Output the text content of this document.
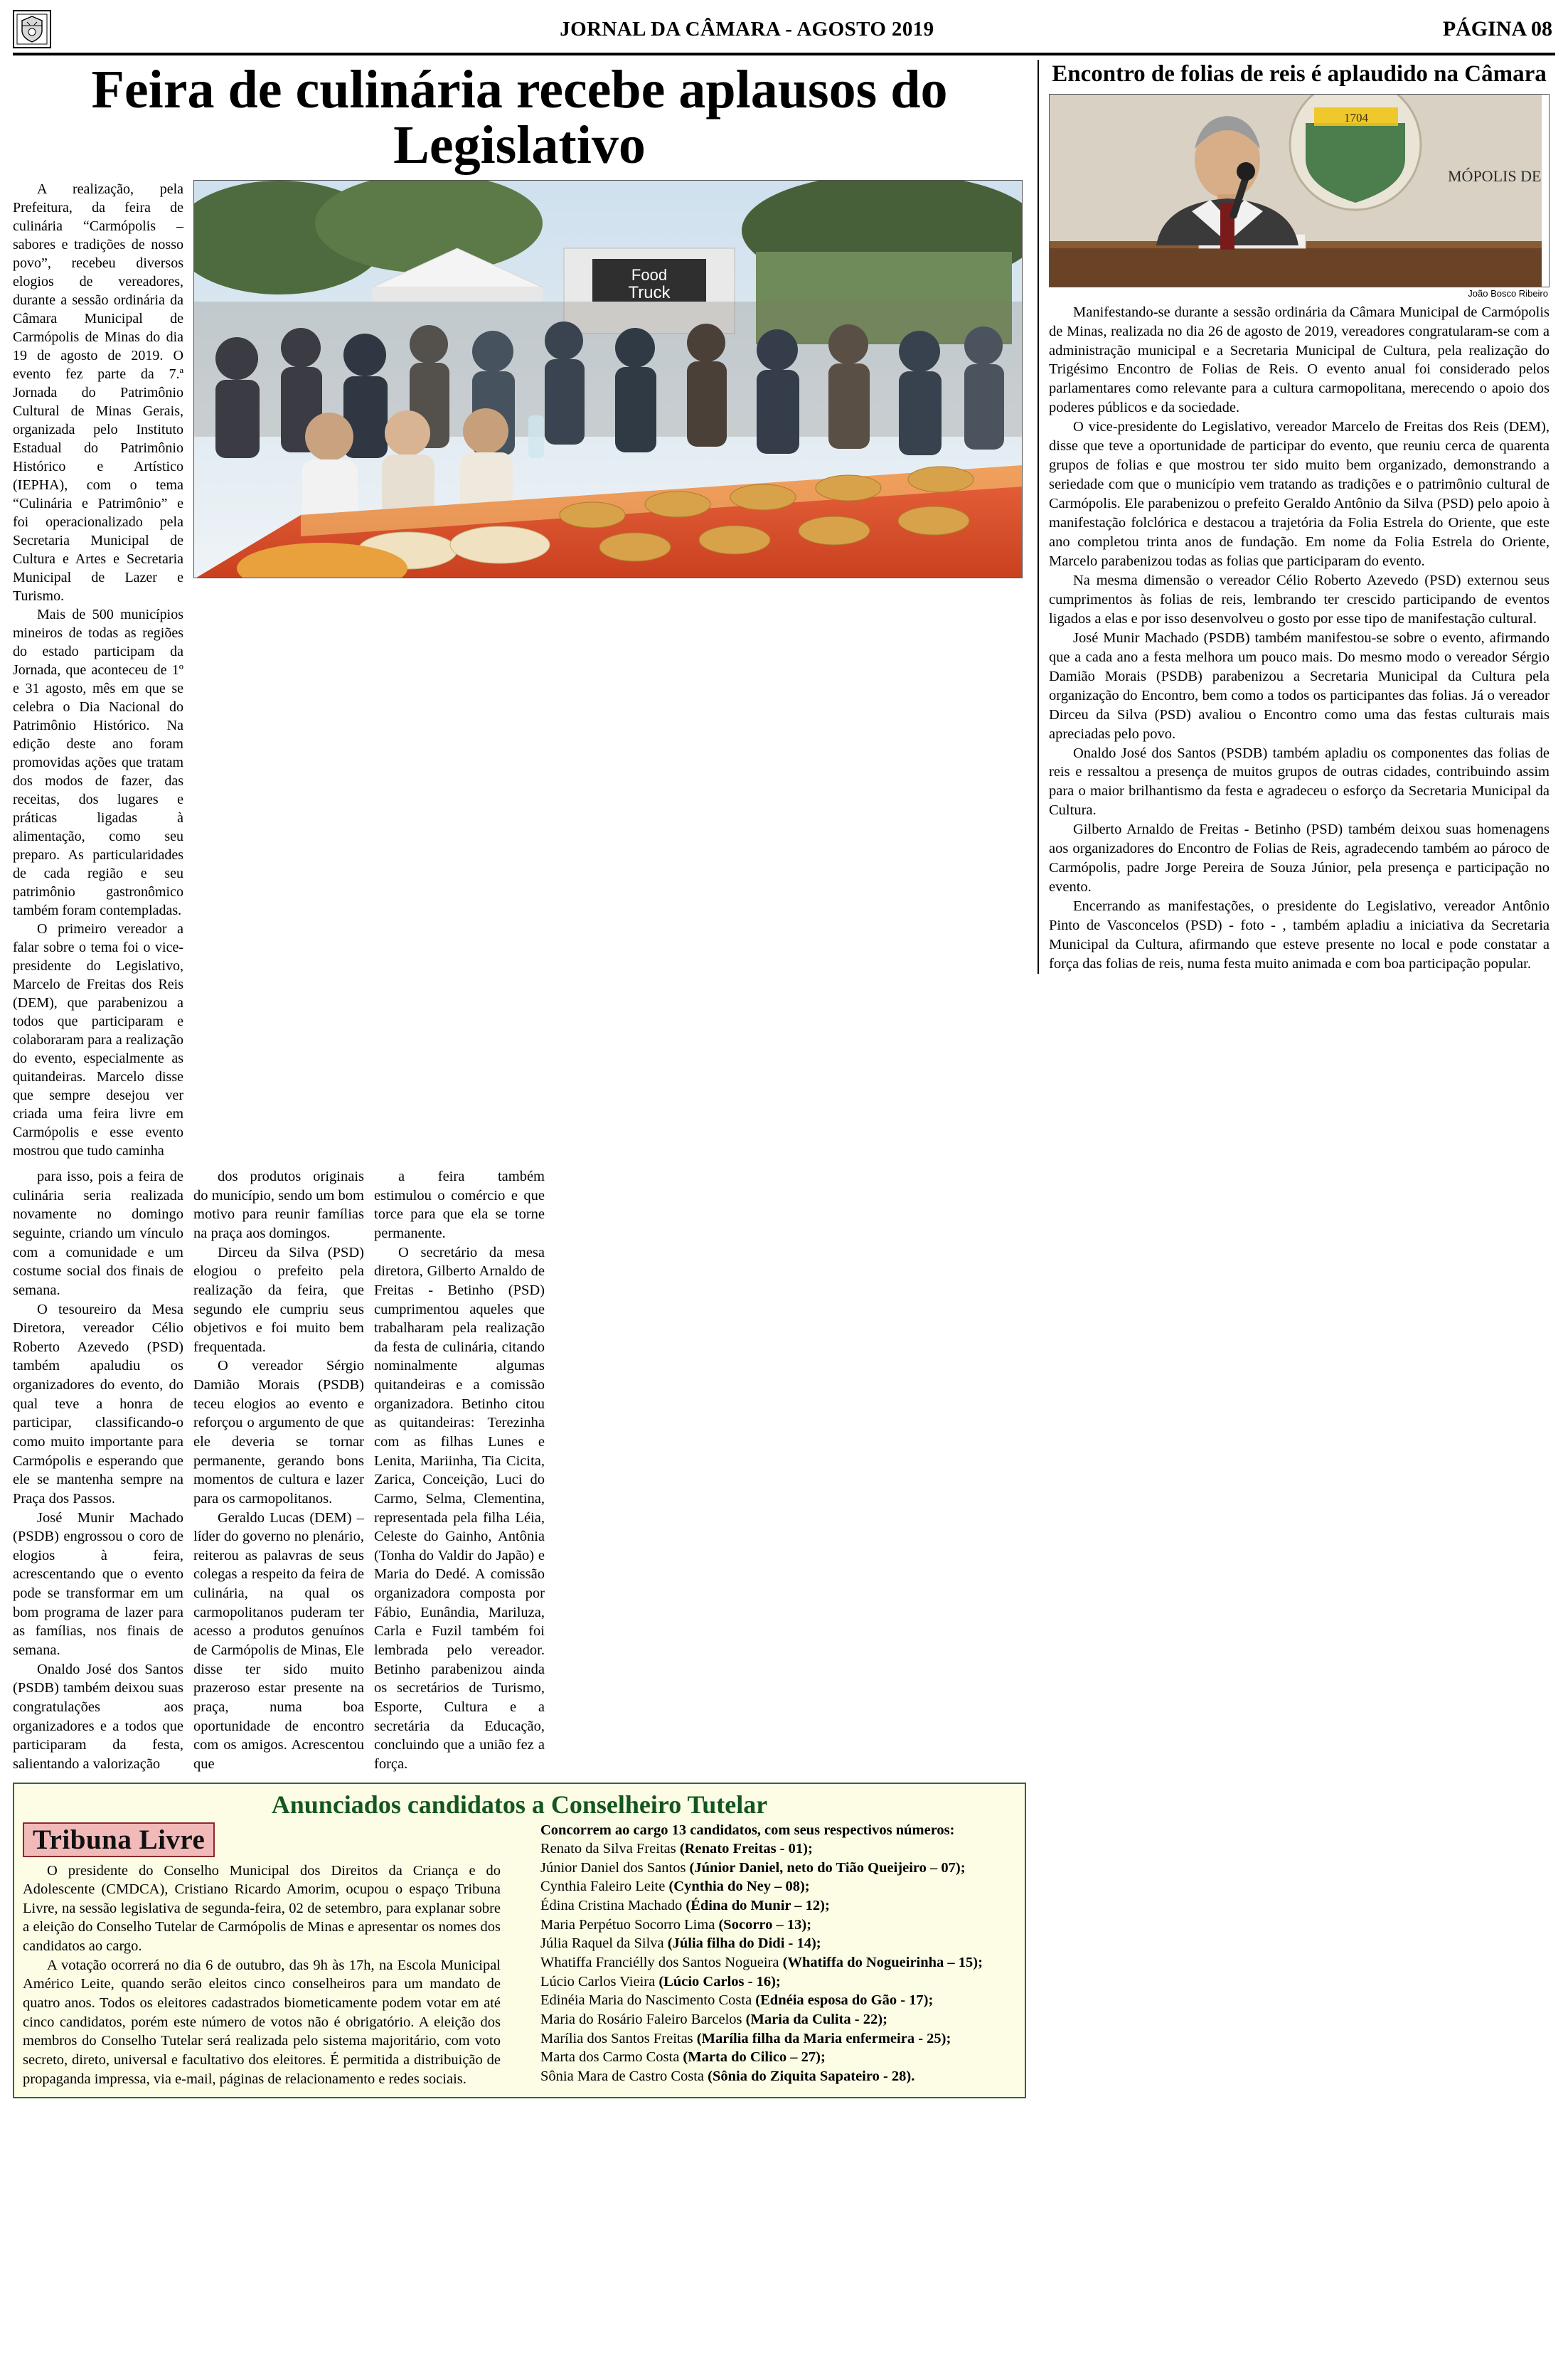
JORNAL DA CÂMARA - AGOSTO 2019	PÁGINA 08
Feira de culinária recebe aplausos do Legislativo

A realização, pela Prefeitura, da feira de culinária “Carmópolis – sabores e tradições de nosso povo”, recebeu diversos elogios de vereadores, durante a sessão ordinária da Câmara Municipal de Carmópolis de Minas do dia 19 de agosto de 2019. O evento fez parte da 7.ª Jornada do Patrimônio Cultural de Minas Gerais, organizada pelo Instituto Estadual do Patrimônio Histórico e Artístico (IEPHA), com o tema “Culinária e Patrimônio” e foi operacionalizado pela Secretaria Municipal de Cultura e Artes e Secretaria Municipal de Lazer e Turismo.

Mais de 500 municípios mineiros de todas as regiões do estado participam da Jornada, que aconteceu de 1º e 31 agosto, mês em que se celebra o Dia Nacional do Patrimônio Histórico. Na edição deste ano foram promovidas ações que tratam dos modos de fazer, das receitas, dos lugares e práticas ligadas à alimentação, como seu preparo. As particularidades de cada região e seu patrimônio gastronômico também foram contempladas.

O primeiro vereador a falar sobre o tema foi o vice-presidente do Legislativo, Marcelo de Freitas dos Reis (DEM), que parabenizou a todos que participaram e colaboraram para a realização do evento, especialmente as quitandeiras. Marcelo disse que sempre desejou ver criada uma feira livre em Carmópolis e esse evento mostrou que tudo caminha

Food
Truck

para isso, pois a feira de culinária seria realizada novamente no domingo seguinte, criando um vínculo com a comunidade e um costume social dos finais de semana.

O tesoureiro da Mesa Diretora, vereador Célio Roberto Azevedo (PSD) também apaludiu os organizadores do evento, do qual teve a honra de participar, classificando-o como muito importante para Carmópolis e esperando que ele se mantenha sempre na Praça dos Passos.

José Munir Machado (PSDB) engrossou o coro de elogios à feira, acrescentando que o evento pode se transformar em um bom programa de lazer para as famílias, nos finais de semana.

Onaldo José dos Santos (PSDB) também deixou suas congratulações aos organizadores e a todos que participaram da festa, salientando a valorização

dos produtos originais do município, sendo um bom motivo para reunir famílias na praça aos domingos.

Dirceu da Silva (PSD) elogiou o prefeito pela realização da feira, que segundo ele cumpriu seus objetivos e foi muito bem frequentada.

O vereador Sérgio Damião Morais (PSDB) teceu elogios ao evento e reforçou o argumento de que ele deveria se tornar permanente, gerando bons momentos de cultura e lazer para os carmopolitanos.

Geraldo Lucas (DEM) – líder do governo no plenário, reiterou as palavras de seus colegas a respeito da feira de culinária, na qual os carmopolitanos puderam ter acesso a produtos genuínos de Carmópolis de Minas, Ele disse ter sido muito prazeroso estar presente na praça, numa boa oportunidade de encontro com os amigos. Acrescentou que

a feira também estimulou o comércio e que torce para que ela se torne permanente.

O secretário da mesa diretora, Gilberto Arnaldo de Freitas - Betinho (PSD) cumprimentou aqueles que trabalharam pela realização da festa de culinária, citando nominalmente algumas quitandeiras e a comissão organizadora. Betinho citou as quitandeiras: Terezinha com as filhas Lunes e Lenita, Mariinha, Tia Cicita, Zarica, Conceição, Luci do Carmo, Selma, Clementina, representada pela filha Léia, Celeste do Gainho, Antônia (Tonha do Valdir do Japão) e Maria do Dedé. A comissão organizadora composta por Fábio, Eunândia, Mariluza, Carla e Fuzil também foi lembrada pelo vereador. Betinho parabenizou ainda os secretários de Turismo, Esporte, Cultura e a secretária da Educação, concluindo que a união fez a força.

Anunciados candidatos a Conselheiro Tutelar
Tribuna Livre

O presidente do Conselho Municipal dos Direitos da Criança e do Adolescente (CMDCA), Cristiano Ricardo Amorim, ocupou o espaço Tribuna Livre, na sessão legislativa de segunda-feira, 02 de setembro, para explanar sobre a eleição do Conselho Tutelar de Carmópolis de Minas e apresentar os nomes dos candidatos ao cargo.

A votação ocorrerá no dia 6 de outubro, das 9h às 17h, na Escola Municipal Américo Leite, quando serão eleitos cinco conselheiros para um mandato de quatro anos. Todos os eleitores cadastrados biometicamente podem votar em até cinco candidatos, porém este número de votos não é obrigatório. A eleição dos membros do Conselho Tutelar será realizada pelo sistema majoritário, com voto secreto, direto, universal e facultativo dos eleitores. É permitida a distribuição de propaganda impressa, via e-mail, páginas de relacionamento e redes sociais.

Concorrem ao cargo 13 candidatos, com seus respectivos números:

Renato da Silva Freitas (Renato Freitas - 01);

Júnior Daniel dos Santos (Júnior Daniel, neto do Tião Queijeiro – 07);

Cynthia Faleiro Leite (Cynthia do Ney – 08);

Édina Cristina Machado (Édina do Munir – 12);

Maria Perpétuo Socorro Lima (Socorro – 13);

Júlia Raquel da Silva (Júlia filha do Didi - 14);

Whatiffa Franciélly dos Santos Nogueira (Whatiffa do Nogueirinha – 15);

Lúcio Carlos Vieira (Lúcio Carlos - 16);

Edinéia Maria do Nascimento Costa (Ednéia esposa do Gão - 17);

Maria do Rosário Faleiro Barcelos (Maria da Culita - 22);

Marília dos Santos Freitas (Marília filha da Maria enfermeira - 25);

Marta dos Carmo Costa (Marta do Cilico – 27);

Sônia Mara de Castro Costa (Sônia do Ziquita Sapateiro - 28).

Encontro de folias de reis é aplaudido na Câmara
1704
MÓPOLIS DE
João Bosco Ribeiro

Manifestando-se durante a sessão ordinária da Câmara Municipal de Carmópolis de Minas, realizada no dia 26 de agosto de 2019, vereadores congratularam-se com a administração municipal e a Secretaria Municipal de Cultura, pela realização do Trigésimo Encontro de Folias de Reis. O evento anual foi considerado pelos parlamentares como relevante para a cultura carmopolitana, merecendo o apoio dos poderes públicos e da sociedade.

O vice-presidente do Legislativo, vereador Marcelo de Freitas dos Reis (DEM), disse que teve a oportunidade de participar do evento, que reuniu cerca de quarenta grupos de folias e que mostrou ter sido muito bem organizado, demonstrando a seriedade com que o município vem tratando as tradições e o patrimônio cultural de Carmópolis. Ele parabenizou o prefeito Geraldo Antônio da Silva (PSD) pelo apoio à manifestação folclórica e destacou a trajetória da Folia Estrela do Oriente, que este ano completou trinta anos de fundação. Em nome da Folia Estrela do Oriente, Marcelo parabenizou todas as folias que participaram do evento.

Na mesma dimensão o vereador Célio Roberto Azevedo (PSD) externou seus cumprimentos às folias de reis, lembrando ter crescido participando de eventos ligados a elas e por isso desenvolveu o gosto por esse tipo de manifestação cultural.

José Munir Machado (PSDB) também manifestou-se sobre o evento, afirmando que a cada ano a festa melhora um pouco mais. Do mesmo modo o vereador Sérgio Damião Morais (PSDB) parabenizou a Secretaria Municipal da Cultura pela organização do Encontro, bem como a todos os participantes das folias. Já o vereador Dirceu da Silva (PSD) avaliou o Encontro como uma das festas culturais mais apreciadas pelo povo.

Onaldo José dos Santos (PSDB) também apladiu os componentes das folias de reis e ressaltou a presença de muitos grupos de outras cidades, contribuindo assim para o maior brilhantismo da festa e agradeceu o esforço da Secretaria Municipal da Cultura.

Gilberto Arnaldo de Freitas - Betinho (PSD) também deixou suas homenagens aos organizadores do Encontro de Folias de Reis, agradecendo também ao pároco de Carmópolis, padre Jorge Pereira de Souza Júnior, pela presença e participação no evento.

Encerrando as manifestações, o presidente do Legislativo, vereador Antônio Pinto de Vasconcelos (PSD) - foto - , também apladiu a iniciativa da Secretaria Municipal da Cultura, afirmando que esteve presente no local e pode constatar a força das folias de reis, numa festa muito animada e com boa participação popular.
